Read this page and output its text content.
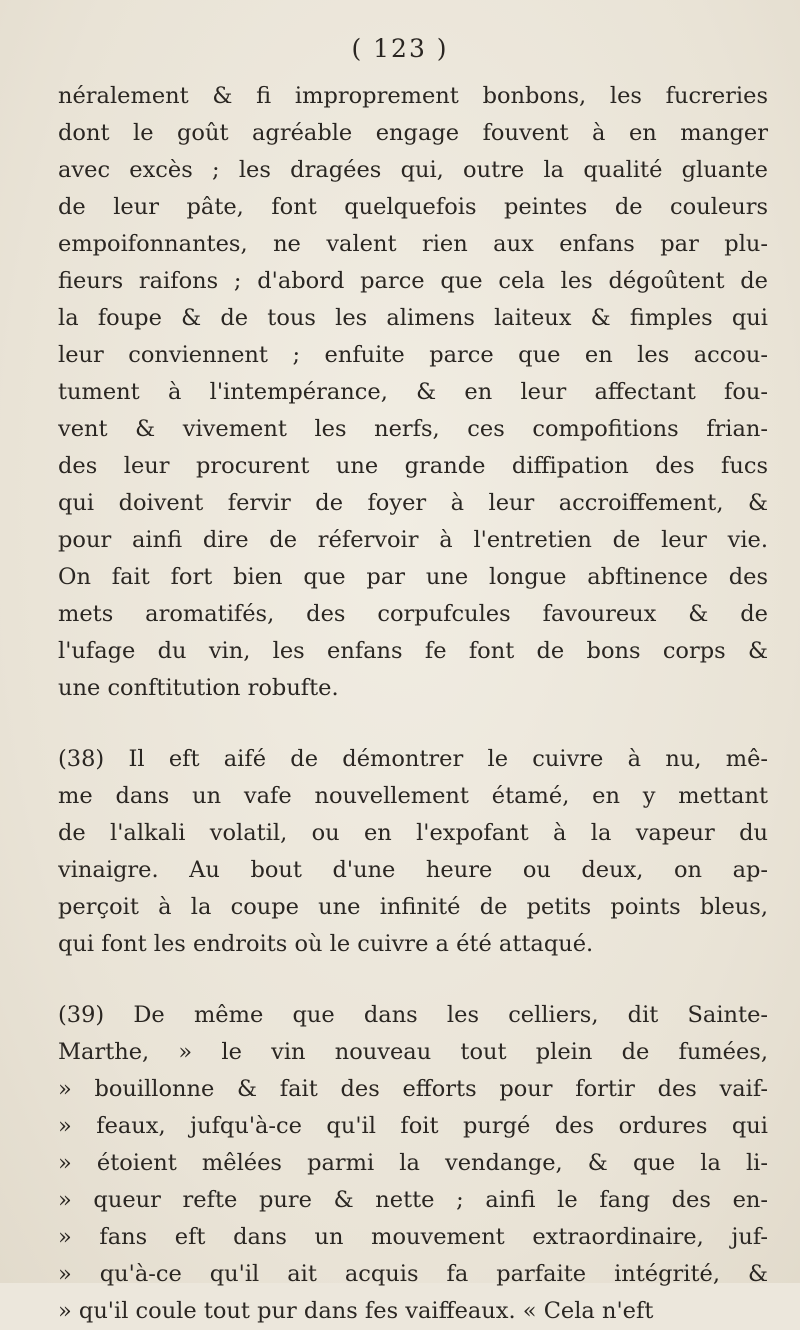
( 123 )
néralement & fi improprement bonbons, les fucreries
dont le goût agréable engage fouvent à en manger
avec excès ; les dragées qui, outre la qualité gluante
de leur pâte, font quelquefois peintes de couleurs
empoifonnantes, ne valent rien aux enfans par plu-
fieurs raifons ; d'abord parce que cela les dégoûtent de
la foupe & de tous les alimens laiteux & fimples qui
leur conviennent ; enfuite parce que en les accou-
tument à l'intempérance, & en leur affectant fou-
vent & vivement les nerfs, ces compofitions frian-
des leur procurent une grande diffipation des fucs
qui doivent fervir de foyer à leur accroiffement, &
pour ainfi dire de réfervoir à l'entretien de leur vie.
On fait fort bien que par une longue abftinence des
mets aromatifés, des corpufcules favoureux & de
l'ufage du vin, les enfans fe font de bons corps &
une conftitution robufte.
(38) Il eft aifé de démontrer le cuivre à nu, mê-
me dans un vafe nouvellement étamé, en y mettant
de l'alkali volatil, ou en l'expofant à la vapeur du
vinaigre. Au bout d'une heure ou deux, on ap-
perçoit à la coupe une infinité de petits points bleus,
qui font les endroits où le cuivre a été attaqué.
(39) De même que dans les celliers, dit Sainte-
Marthe, » le vin nouveau tout plein de fumées,
» bouillonne & fait des efforts pour fortir des vaif-
» feaux, jufqu'à-ce qu'il foit purgé des ordures qui
» étoient mêlées parmi la vendange, & que la li-
» queur refte pure & nette ; ainfi le fang des en-
» fans eft dans un mouvement extraordinaire, juf-
» qu'à-ce qu'il ait acquis fa parfaite intégrité, &
» qu'il coule tout pur dans fes vaiffeaux. « Cela n'eft
